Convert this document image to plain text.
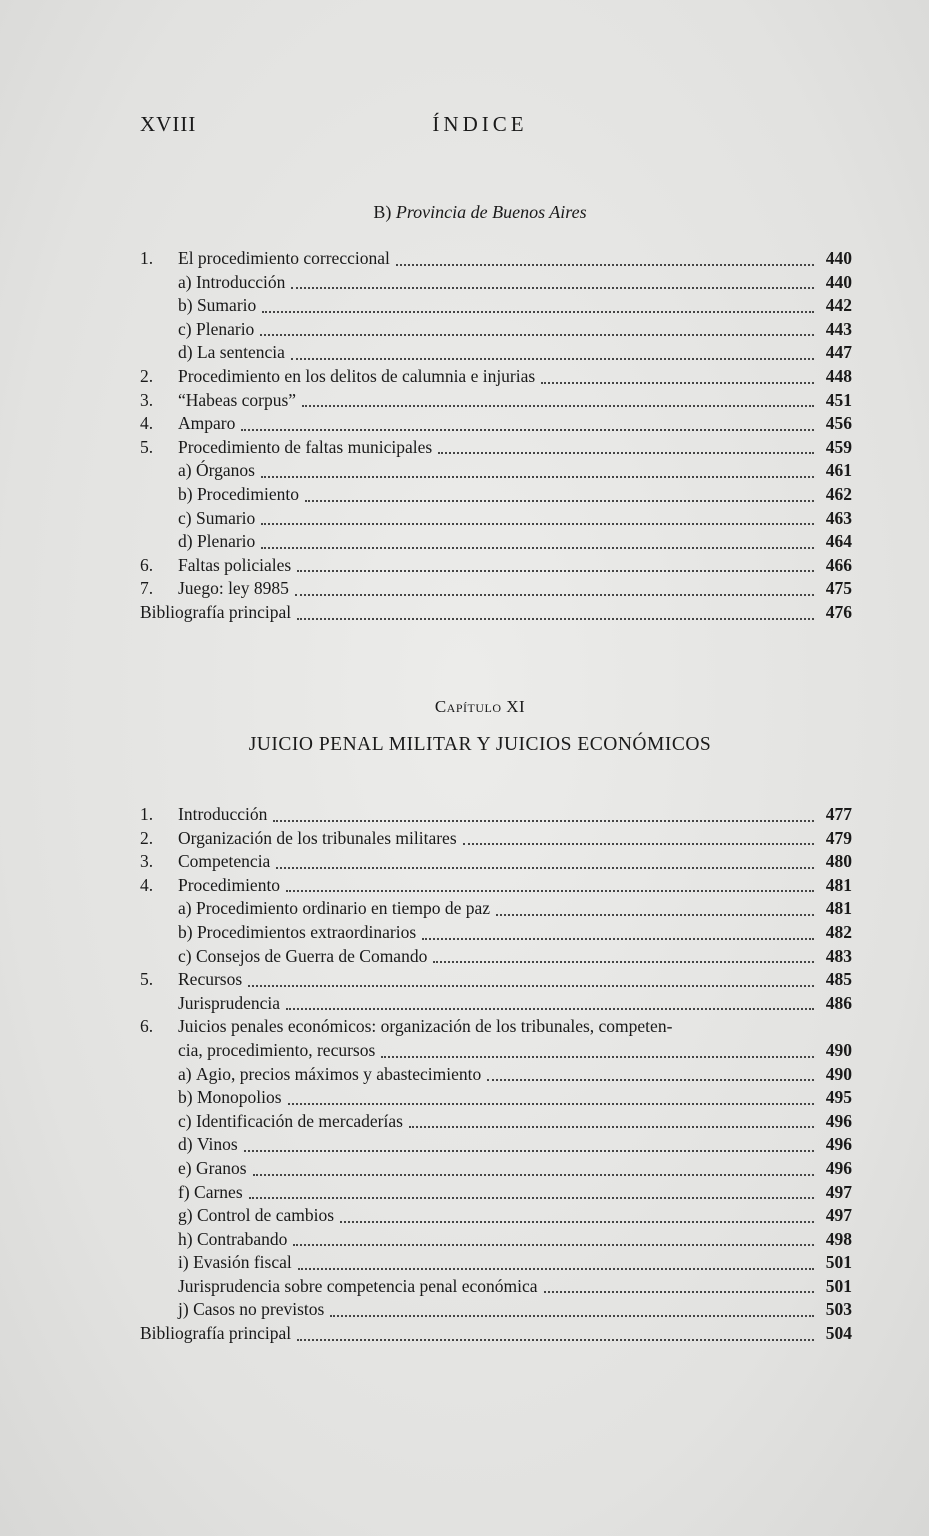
XVIII	ÍNDICE
B) Provincia de Buenos Aires
1.	El procedimiento correccional	440
a) Introducción	440
b) Sumario	442
c) Plenario	443
d) La sentencia	447
2.	Procedimiento en los delitos de calumnia e injurias	448
3.	“Habeas corpus”	451
4.	Amparo	456
5.	Procedimiento de faltas municipales	459
a) Órganos	461
b) Procedimiento	462
c) Sumario	463
d) Plenario	464
6.	Faltas policiales	466
7.	Juego: ley 8985	475
Bibliografía principal	476
Capítulo XI
JUICIO PENAL MILITAR Y JUICIOS ECONÓMICOS
1.	Introducción	477
2.	Organización de los tribunales militares	479
3.	Competencia	480
4.	Procedimiento	481
a) Procedimiento ordinario en tiempo de paz	481
b) Procedimientos extraordinarios	482
c) Consejos de Guerra de Comando	483
5.	Recursos	485
Jurisprudencia	486
6. Juicios penales económicos: organización de los tribunales, competen-
cia, procedimiento, recursos	490
a) Agio, precios máximos y abastecimiento	490
b) Monopolios	495
c) Identificación de mercaderías	496
d) Vinos	496
e) Granos	496
f) Carnes	497
g) Control de cambios	497
h) Contrabando	498
i) Evasión fiscal	501
Jurisprudencia sobre competencia penal económica	501
j) Casos no previstos	503
Bibliografía principal	504
